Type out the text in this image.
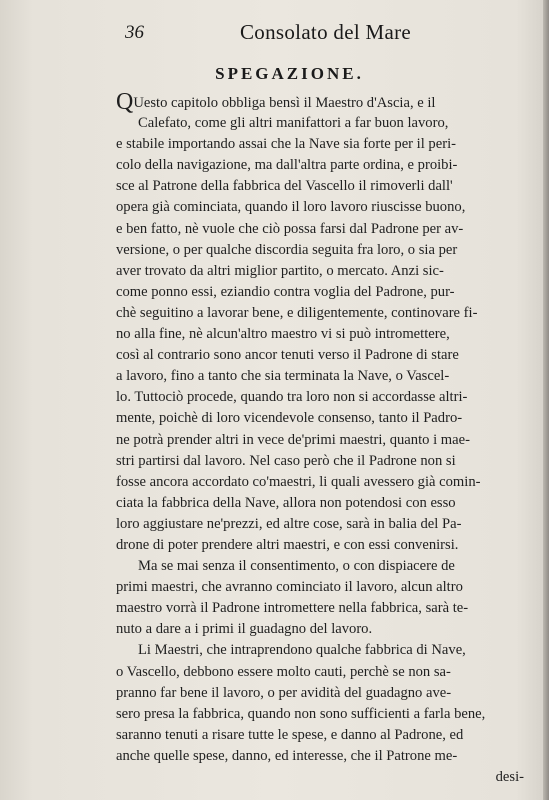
36	Consolato del Mare
SPEGAZIONE.
QUesto capitolo obbliga bensì il Maestro d'Ascia, e il
Calefato, come gli altri manifattori a far buon lavoro,
e stabile importando assai che la Nave sia forte per il peri-
colo della navigazione, ma dall'altra parte ordina, e proibi-
sce al Patrone della fabbrica del Vascello il rimoverli dall'
opera già cominciata, quando il loro lavoro riuscisse buono,
e ben fatto, nè vuole che ciò possa farsi dal Padrone per av-
versione, o per qualche discordia seguita fra loro, o sia per
aver trovato da altri miglior partito, o mercato. Anzi sic-
come ponno essi, eziandio contra voglia del Padrone, pur-
chè seguitino a lavorar bene, e diligentemente, continovare fi-
no alla fine, nè alcun'altro maestro vi si può intromettere,
così al contrario sono ancor tenuti verso il Padrone di stare
a lavoro, fino a tanto che sia terminata la Nave, o Vascel-
lo. Tuttociò procede, quando tra loro non si accordasse altri-
mente, poichè di loro vicendevole consenso, tanto il Padro-
ne potrà prender altri in vece de'primi maestri, quanto i mae-
stri partirsi dal lavoro. Nel caso però che il Padrone non si
fosse ancora accordato co'maestri, li quali avessero già comin-
ciata la fabbrica della Nave, allora non potendosi con esso
loro aggiustare ne'prezzi, ed altre cose, sarà in balia del Pa-
drone di poter prendere altri maestri, e con essi convenirsi.
Ma se mai senza il consentimento, o con dispiacere de
primi maestri, che avranno cominciato il lavoro, alcun altro
maestro vorrà il Padrone intromettere nella fabbrica, sarà te-
nuto a dare a i primi il guadagno del lavoro.
Li Maestri, che intraprendono qualche fabbrica di Nave,
o Vascello, debbono essere molto cauti, perchè se non sa-
pranno far bene il lavoro, o per avidità del guadagno ave-
sero presa la fabbrica, quando non sono sufficienti a farla bene,
saranno tenuti a risare tutte le spese, e danno al Padrone, ed
anche quelle spese, danno, ed interesse, che il Patrone me-
desi-
